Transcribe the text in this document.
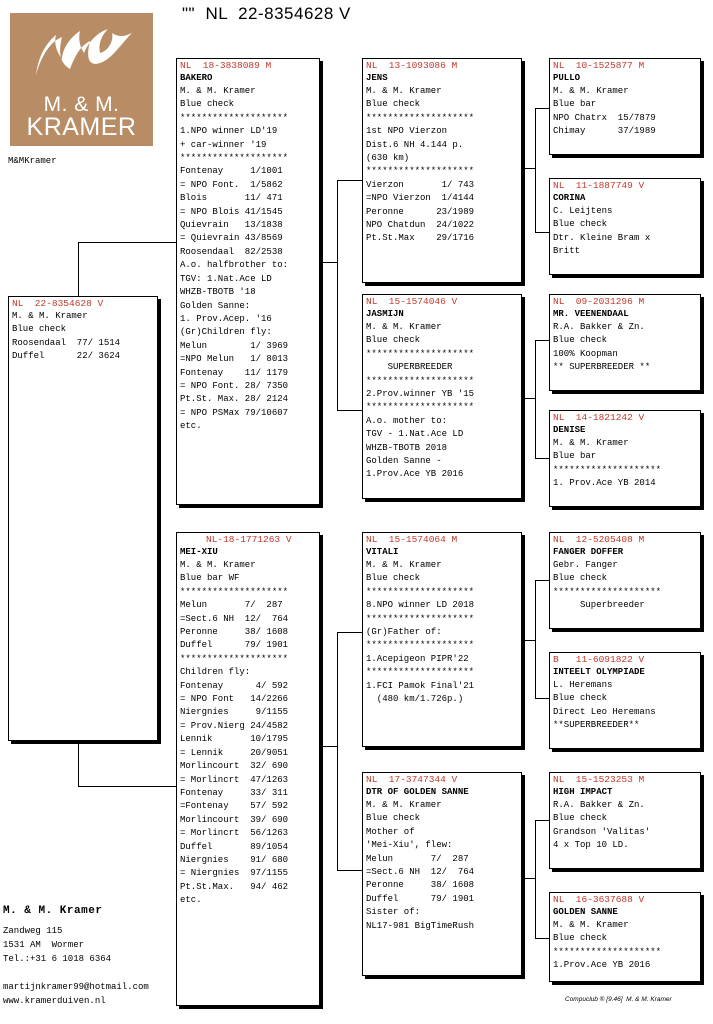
""  NL  22-8354628 V
M. & M.
KRAMER
M&MKramer
NL  22-8354628 V
M. & M. Kramer
Blue check
Roosendaal  77/ 1514
Duffel      22/ 3624
NL  18-3838089 M
BAKERO
M. & M. Kramer
Blue check
********************
1.NPO winner LD'19
+ car-winner '19
********************
Fontenay     1/1001
= NPO Font.  1/5862
Blois       11/ 471
= NPO Blois 41/1545
Quievrain   13/1838
= Quievrain 43/8569
Roosendaal  82/2538
A.o. halfbrother to:
TGV: 1.Nat.Ace LD
WHZB-TBOTB '18
Golden Sanne:
1. Prov.Acep. '16
(Gr)Children fly:
Melun        1/ 3969
=NPO Melun   1/ 8013
Fontenay    11/ 1179
= NPO Font. 28/ 7350
Pt.St. Max. 28/ 2124
= NPO PSMax 79/10607
etc.
NL-18-1771263 V
MEI-XIU
M. & M. Kramer
Blue bar WF
********************
Melun       7/  287
=Sect.6 NH  12/  764
Peronne     38/ 1608
Duffel      79/ 1901
********************
Children fly:
Fontenay      4/ 592
= NPO Font   14/2266
Niergnies     9/1155
= Prov.Nierg 24/4582
Lennik       10/1795
= Lennik     20/9051
Morlincourt  32/ 690
= Morlincrt  47/1263
Fontenay     33/ 311
=Fontenay    57/ 592
Morlincourt  39/ 690
= Morlincrt  56/1263
Duffel       89/1054
Niergnies    91/ 680
= Niergnies  97/1155
Pt.St.Max.   94/ 462
etc.
NL  13-1093086 M
JENS
M. & M. Kramer
Blue check
********************
1st NPO Vierzon
Dist.6 NH 4.144 p.
(630 km)
********************
Vierzon       1/ 743
=NPO Vierzon  1/4144
Peronne      23/1989
NPO Chatdun  24/1022
Pt.St.Max    29/1716
NL  15-1574046 V
JASMIJN
M. & M. Kramer
Blue check
********************
SUPERBREEDER
********************
2.Prov.winner YB '15
********************
A.o. mother to:
TGV - 1.Nat.Ace LD
WHZB-TBOTB 2018
Golden Sanne -
1.Prov.Ace YB 2016
NL  15-1574064 M
VITALI
M. & M. Kramer
Blue check
********************
8.NPO winner LD 2018
********************
(Gr)Father of:
********************
1.Acepigeon PIPR'22
********************
1.FCI Pamok Final'21
(480 km/1.726p.)
NL  17-3747344 V
DTR OF GOLDEN SANNE
M. & M. Kramer
Blue check
Mother of
'Mei-Xiu', flew:
Melun       7/  287
=Sect.6 NH  12/  764
Peronne     38/ 1608
Duffel      79/ 1901
Sister of:
NL17-981 BigTimeRush
NL  10-1525877 M
PULLO
M. & M. Kramer
Blue bar
NPO Chatrx  15/7879
Chimay      37/1989
NL  11-1887749 V
CORINA
C. Leijtens
Blue check
Dtr. Kleine Bram x
Britt
NL  09-2031296 M
MR. VEENENDAAL
R.A. Bakker & Zn.
Blue check
100% Koopman
** SUPERBREEDER **
NL  14-1821242 V
DENISE
M. & M. Kramer
Blue bar
********************
1. Prov.Ace YB 2014
NL  12-5205408 M
FANGER DOFFER
Gebr. Fanger
Blue check
********************
Superbreeder
B   11-6091822 V
INTEELT OLYMPIADE
L. Heremans
Blue check
Direct Leo Heremans
**SUPERBREEDER**
NL  15-1523253 M
HIGH IMPACT
R.A. Bakker & Zn.
Blue check
Grandson 'Valitas'
4 x Top 10 LD.
NL  16-3637688 V
GOLDEN SANNE
M. & M. Kramer
Blue check
********************
1.Prov.Ace YB 2016
M. & M. Kramer
Zandweg 115
1531 AM  Wormer
Tel.:+31 6 1018 6364
martijnkramer99@hotmail.com
www.kramerduiven.nl	Compuclub ® [9.46]  M. & M. Kramer
